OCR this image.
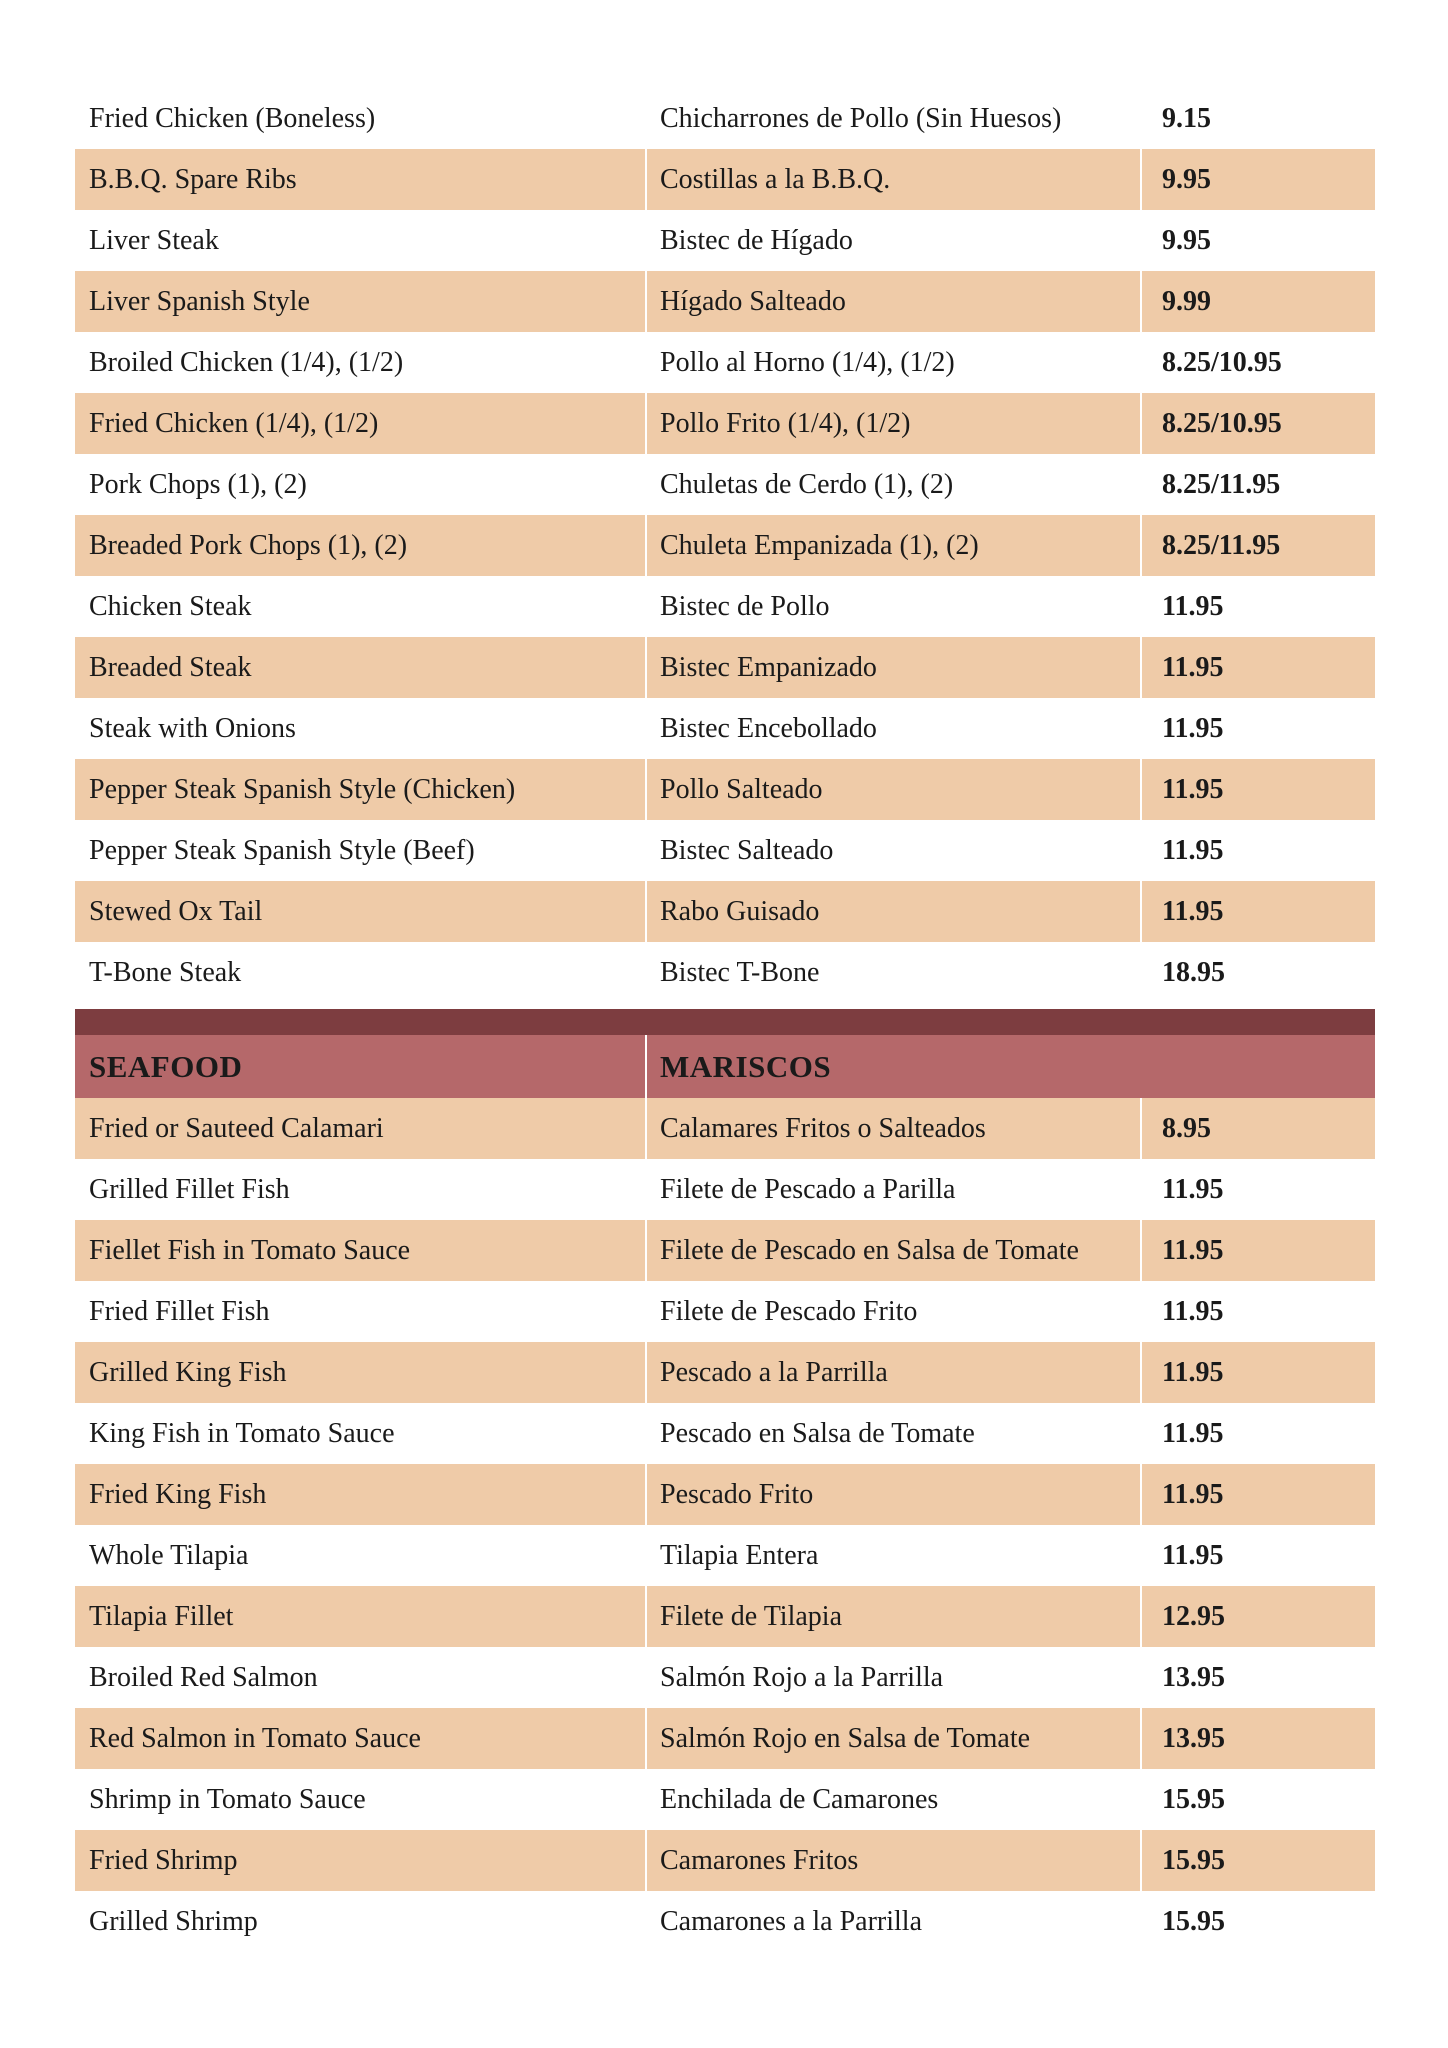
Fried Chicken (Boneless)	Chicharrones de Pollo (Sin Huesos)	9.15
B.B.Q. Spare Ribs	Costillas a la B.B.Q.	9.95
Liver Steak	Bistec de Hígado	9.95
Liver Spanish Style	Hígado Salteado	9.99
Broiled Chicken (1/4), (1/2)	Pollo al Horno (1/4), (1/2)	8.25/10.95
Fried Chicken (1/4), (1/2)	Pollo Frito (1/4), (1/2)	8.25/10.95
Pork Chops (1), (2)	Chuletas de Cerdo (1), (2)	8.25/11.95
Breaded Pork Chops (1), (2)	Chuleta Empanizada (1), (2)	8.25/11.95
Chicken Steak	Bistec de Pollo	11.95
Breaded Steak	Bistec Empanizado	11.95
Steak with Onions	Bistec Encebollado	11.95
Pepper Steak Spanish Style (Chicken)	Pollo Salteado	11.95
Pepper Steak Spanish Style (Beef)	Bistec Salteado	11.95
Stewed Ox Tail	Rabo Guisado	11.95
T-Bone Steak	Bistec T-Bone	18.95
SEAFOOD	MARISCOS
Fried or Sauteed Calamari	Calamares Fritos o Salteados	8.95
Grilled Fillet Fish	Filete de Pescado a Parilla	11.95
Fiellet Fish in Tomato Sauce	Filete de Pescado en Salsa de Tomate	11.95
Fried Fillet Fish	Filete de Pescado Frito	11.95
Grilled King Fish	Pescado a la Parrilla	11.95
King Fish in Tomato Sauce	Pescado en Salsa de Tomate	11.95
Fried King Fish	Pescado Frito	11.95
Whole Tilapia	Tilapia Entera	11.95
Tilapia Fillet	Filete de Tilapia	12.95
Broiled Red Salmon	Salmón Rojo a la Parrilla	13.95
Red Salmon in Tomato Sauce	Salmón Rojo en Salsa de Tomate	13.95
Shrimp in Tomato Sauce	Enchilada de Camarones	15.95
Fried Shrimp	Camarones Fritos	15.95
Grilled Shrimp	Camarones a la Parrilla	15.95
